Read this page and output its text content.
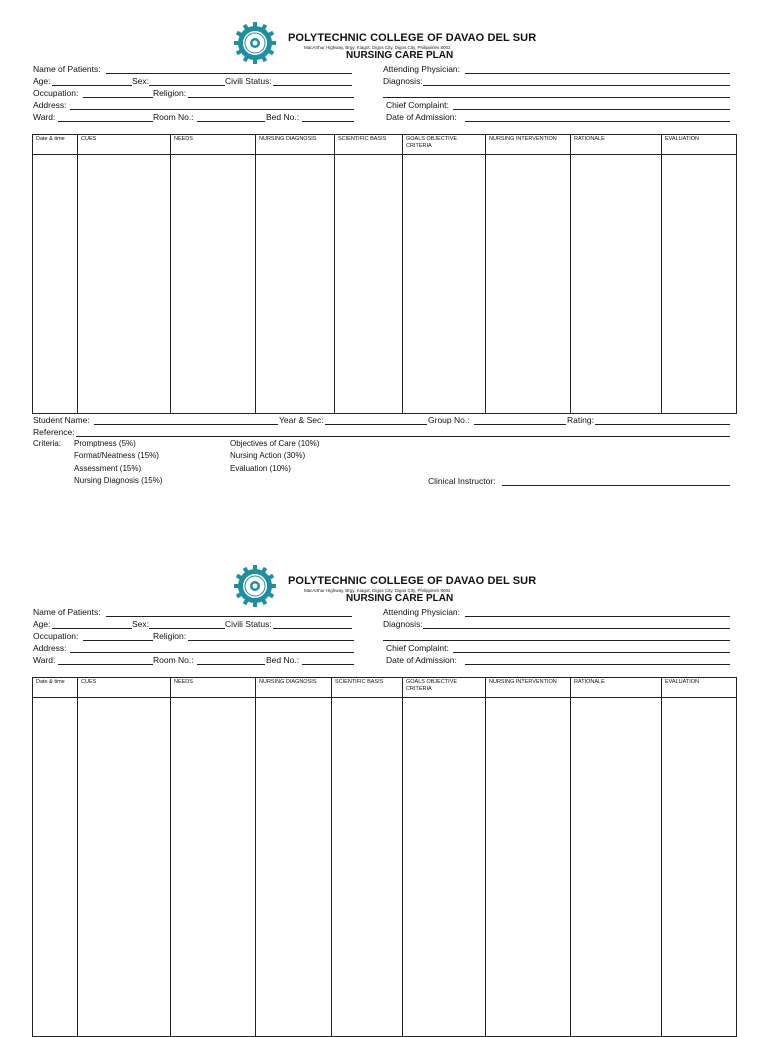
POLYTECHNIC COLLEGE OF DAVAO DEL SUR
MacArthur Highway, Brgy. Kiagot, Digos City, Digos City, Philippines 8002
NURSING CARE PLAN
Name of Patients:
Age:	Sex:	Civili Status:
Occupation:	Religion:
Address:
Ward:	Room No.:	Bed No.:
Attending Physician:
Diagnosis:
Chief Complaint:
Date of Admission:
Date & time	CUES	NEEDS	NURSING DIAGNOSIS	SCIENTIFIC BASIS	GOALS OBJECTIVE CRITERIA	NURSING INTERVENTION	RATIONALE	EVALUATION

Student Name:	Year & Sec:	Group No.:	Rating:
Reference:
Criteria: Promptness (5%)
Format/Neatness (15%)
Assessment (15%)
Nursing Diagnosis (15%)
Objectives of Care (10%)
Nursing Action (30%)
Evaluation (10%)
Clinical Instructor:
POLYTECHNIC COLLEGE OF DAVAO DEL SUR
MacArthur Highway, Brgy. Kiagot, Digos City, Digos City, Philippines 8002
NURSING CARE PLAN
Name of Patients:
Age:	Sex:	Civili Status:
Occupation:	Religion:
Address:
Ward:	Room No.:	Bed No.:
Attending Physician:
Diagnosis:
Chief Complaint:
Date of Admission:
Date & time	CUES	NEEDS	NURSING DIAGNOSIS	SCIENTIFIC BASIS	GOALS OBJECTIVE CRITERIA	NURSING INTERVENTION	RATIONALE	EVALUATION
